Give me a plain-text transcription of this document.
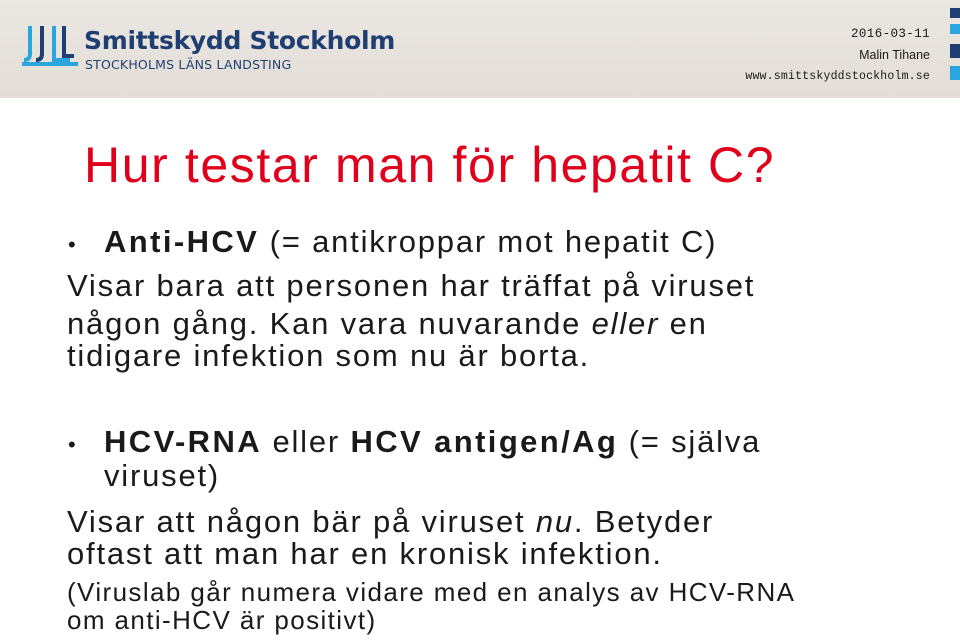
Smittskydd Stockholm
STOCKHOLMS LÄNS LANDSTING
2016-03-11
Malin Tihane
www.smittskyddstockholm.se
Hur testar man för hepatit C?
• Anti-HCV (= antikroppar mot hepatit C)

Visar bara att personen har träffat på viruset

någon gång. Kan vara nuvarande eller en

tidigare infektion som nu är borta.

• HCV-RNA eller HCV antigen/Ag (= själva

viruset)

Visar att någon bär på viruset nu. Betyder

oftast att man har en kronisk infektion.

(Viruslab går numera vidare med en analys av HCV-RNA

om anti-HCV är positivt)
